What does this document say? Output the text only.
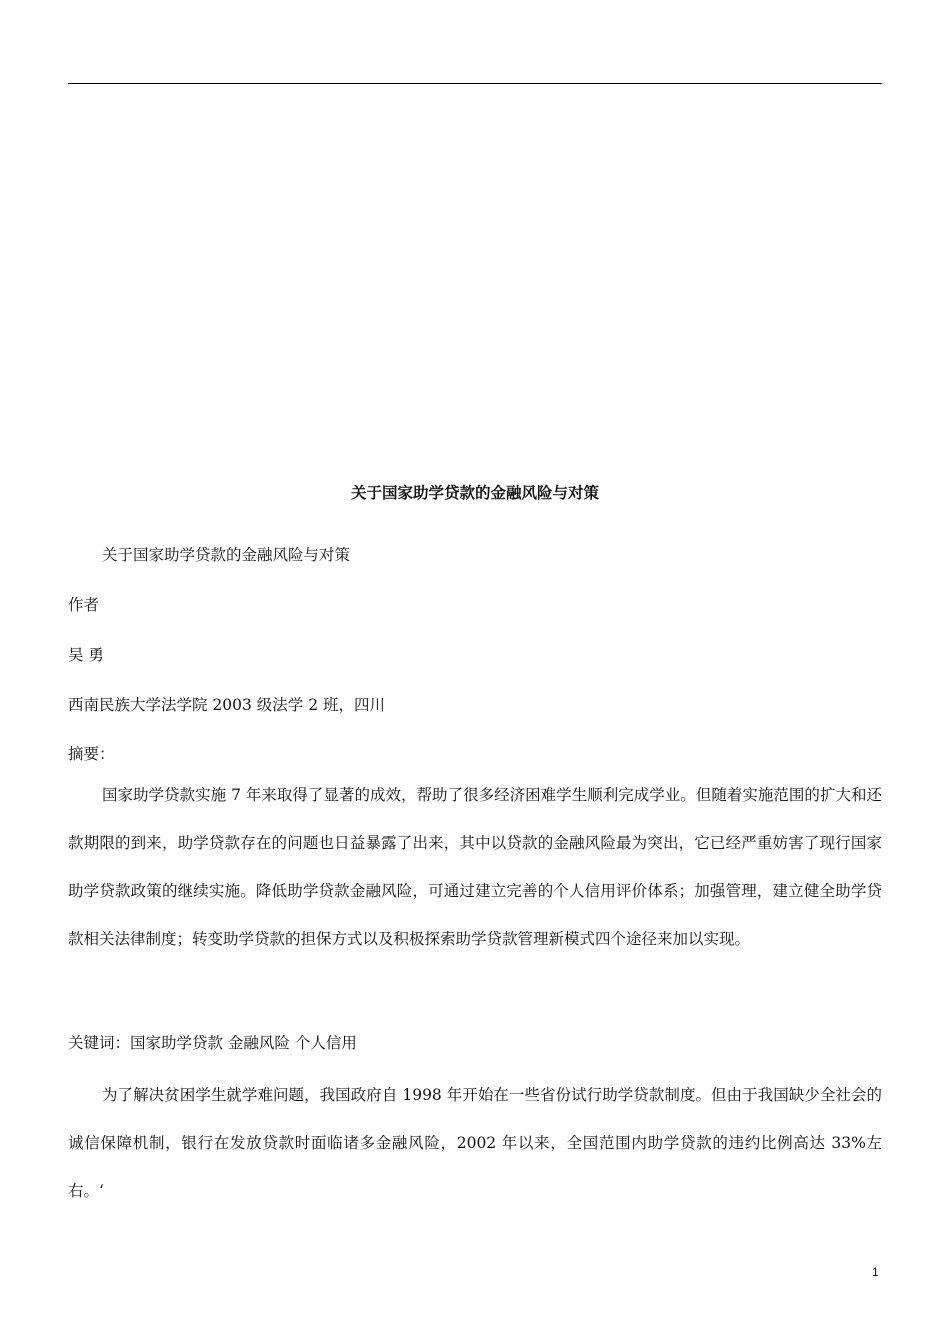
关于国家助学贷款的金融风险与对策
关于国家助学贷款的金融风险与对策
作者
吴 勇
西南民族大学法学院 2003 级法学 2 班，四川
摘要：
国家助学贷款实施 7 年来取得了显著的成效，帮助了很多经济困难学生顺利完成学业。但随着实施范围的扩大和还款期限的到来，助学贷款存在的问题也日益暴露了出来，其中以贷款的金融风险最为突出，它已经严重妨害了现行国家助学贷款政策的继续实施。降低助学贷款金融风险，可通过建立完善的个人信用评价体系；加强管理，建立健全助学贷款相关法律制度；转变助学贷款的担保方式以及积极探索助学贷款管理新模式四个途径来加以实现。
关键词：国家助学贷款 金融风险 个人信用
为了解决贫困学生就学难问题，我国政府自 1998 年开始在一些省份试行助学贷款制度。但由于我国缺少全社会的诚信保障机制，银行在发放贷款时面临诸多金融风险，2002 年以来，全国范围内助学贷款的违约比例高达 33%左右。‘
1
